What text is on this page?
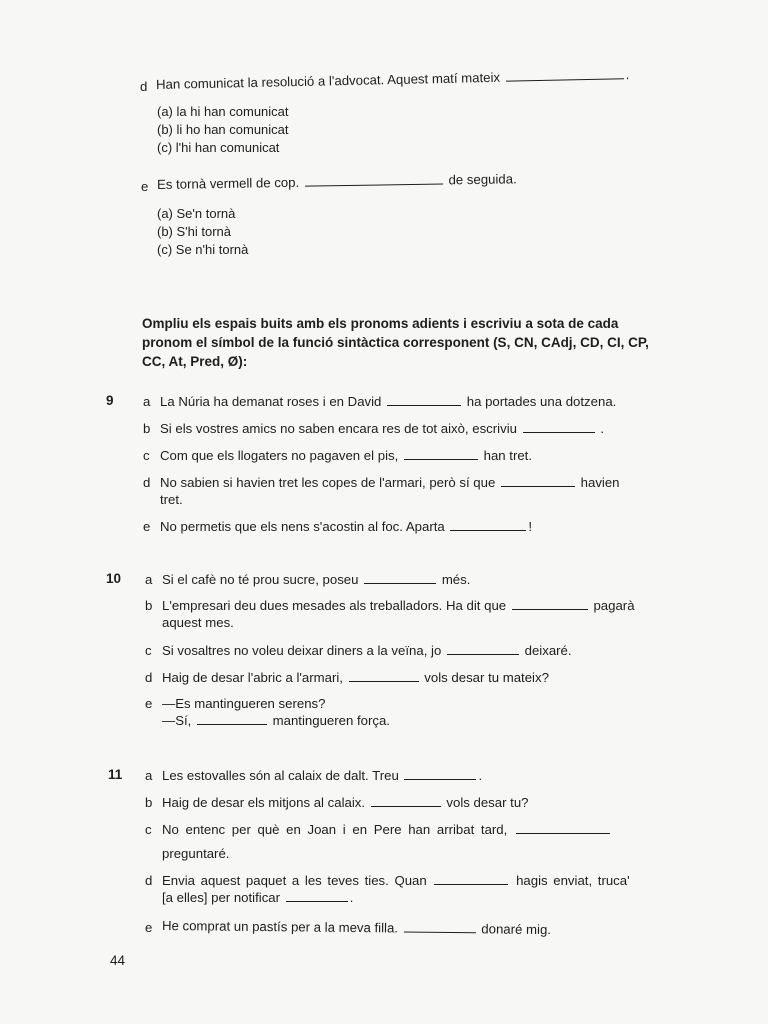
d Han comunicat la resolució a l'advocat. Aquest matí mateix	.
(a) la hi han comunicat
(b) li ho han comunicat
(c) l'hi han comunicat
e Es tornà vermell de cop.	de seguida.
(a) Se'n tornà
(b) S'hi tornà
(c) Se n'hi tornà
Ompliu els espais buits amb els pronoms adients i escriviu a sota de cada
pronom el símbol de la funció sintàctica corresponent (S, CN, CAdj, CD, CI, CP,
CC, At, Pred, Ø):
9 a La Núria ha demanat roses i en David	ha portades una dotzena.
b Si els vostres amics no saben encara res de tot això, escriviu	.
c Com que els llogaters no pagaven el pis,	han tret.
d No sabien si havien tret les copes de l'armari, però sí que	havien
tret.
e No permetis que els nens s'acostin al foc. Aparta	!
10 a Si el cafè no té prou sucre, poseu	més.
b L'empresari deu dues mesades als treballadors. Ha dit que	pagarà
aquest mes.
c Si vosaltres no voleu deixar diners a la veïna, jo	deixaré.
d Haig de desar l'abric a l'armari,	vols desar tu mateix?
e —Es mantingueren serens?
—Sí,	mantingueren força.
11 a Les estovalles són al calaix de dalt. Treu	.
b Haig de desar els mitjons al calaix.	vols desar tu?
c No entenc per què en Joan i en Pere han arribat tard,
preguntaré.
d Envia aquest paquet a les teves ties. Quan	hagis enviat, truca'
[a elles] per notificar	.
e He comprat un pastís per a la meva filla.	donaré mig.
44
